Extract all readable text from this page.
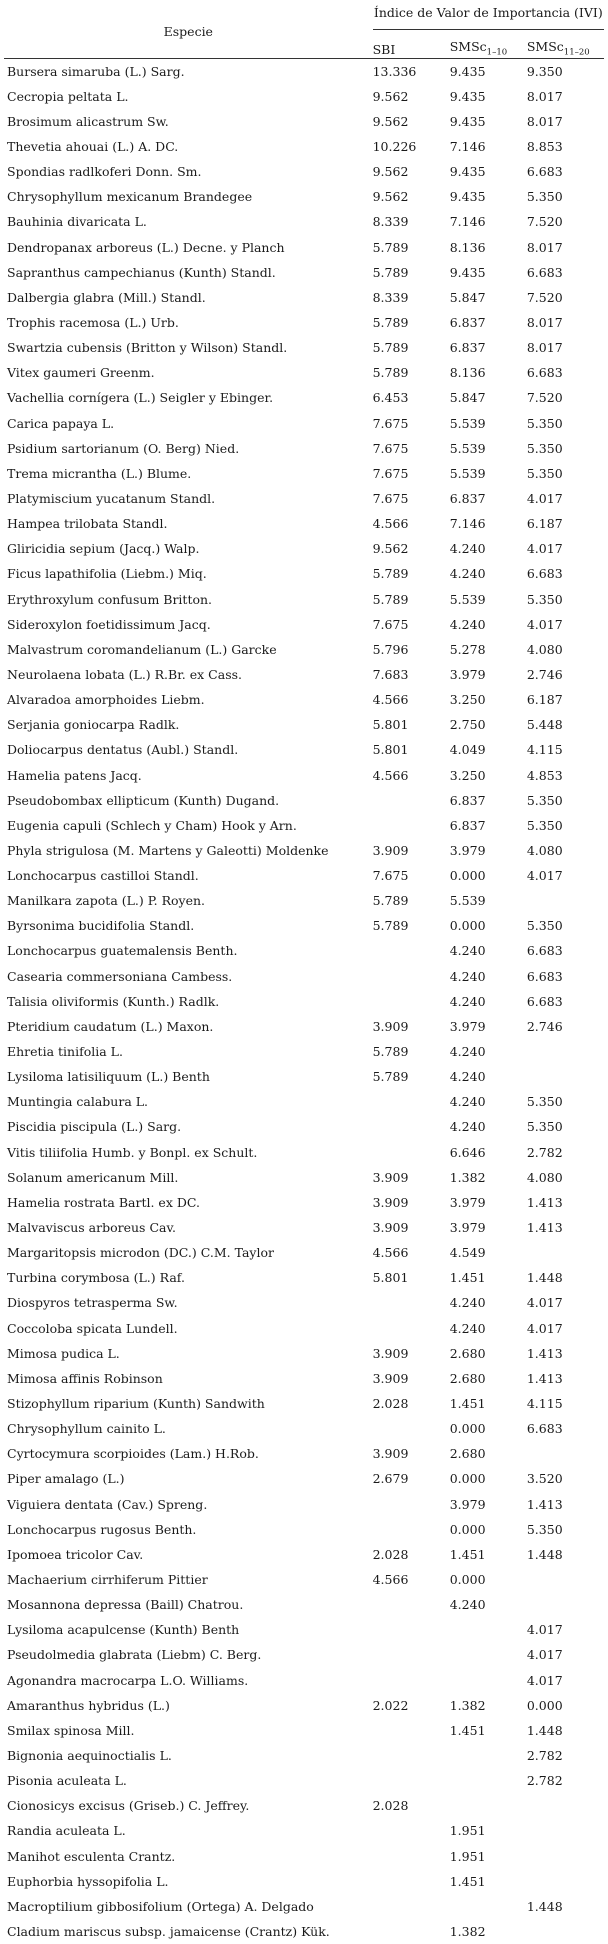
Especie	Índice de Valor de Importancia (IVI)		
	SBI	SMSc$_{1-10}$	SMSc$_{11-20}$
Bursera simaruba (L.) Sarg.	13.336	9.435	9.350
Cecropia peltata L.	9.562	9.435	8.017
Brosimum alicastrum Sw.	9.562	9.435	8.017
Thevetia ahouai (L.) A. DC.	10.226	7.146	8.853
Spondias radlkoferi Donn. Sm.	9.562	9.435	6.683
Chrysophyllum mexicanum Brandegee	9.562	9.435	5.350
Bauhinia divaricata L.	8.339	7.146	7.520
Dendropanax arboreus (L.) Decne. y Planch	5.789	8.136	8.017
Sapranthus campechianus (Kunth) Standl.	5.789	9.435	6.683
Dalbergia glabra (Mill.) Standl.	8.339	5.847	7.520
Trophis racemosa (L.) Urb.	5.789	6.837	8.017
Swartzia cubensis (Britton y Wilson) Standl.	5.789	6.837	8.017
Vitex gaumeri Greenm.	5.789	8.136	6.683
Vachellia cornígera (L.) Seigler y Ebinger.	6.453	5.847	7.520
Carica papaya L.	7.675	5.539	5.350
Psidium sartorianum (O. Berg) Nied.	7.675	5.539	5.350
Trema micrantha (L.) Blume.	7.675	5.539	5.350
Platymiscium yucatanum Standl.	7.675	6.837	4.017
Hampea trilobata Standl.	4.566	7.146	6.187
Gliricidia sepium (Jacq.) Walp.	9.562	4.240	4.017
Ficus lapathifolia (Liebm.) Miq.	5.789	4.240	6.683
Erythroxylum confusum Britton.	5.789	5.539	5.350
Sideroxylon foetidissimum Jacq.	7.675	4.240	4.017
Malvastrum coromandelianum (L.) Garcke	5.796	5.278	4.080
Neurolaena lobata (L.) R.Br. ex Cass.	7.683	3.979	2.746
Alvaradoa amorphoides Liebm.	4.566	3.250	6.187
Serjania goniocarpa Radlk.	5.801	2.750	5.448
Doliocarpus dentatus (Aubl.) Standl.	5.801	4.049	4.115
Hamelia patens Jacq.	4.566	3.250	4.853
Pseudobombax ellipticum (Kunth) Dugand.		6.837	5.350
Eugenia capuli (Schlech y Cham) Hook y Arn.		6.837	5.350
Phyla strigulosa (M. Martens y Galeotti) Moldenke	3.909	3.979	4.080
Lonchocarpus castilloi Standl.	7.675	0.000	4.017
Manilkara zapota (L.) P. Royen.	5.789	5.539	
Byrsonima bucidifolia Standl.	5.789	0.000	5.350
Lonchocarpus guatemalensis Benth.		4.240	6.683
Casearia commersoniana Cambess.		4.240	6.683
Talisia oliviformis (Kunth.) Radlk.		4.240	6.683
Pteridium caudatum (L.) Maxon.	3.909	3.979	2.746
Ehretia tinifolia L.	5.789	4.240	
Lysiloma latisiliquum (L.) Benth	5.789	4.240	
Muntingia calabura L.		4.240	5.350
Piscidia piscipula (L.) Sarg.		4.240	5.350
Vitis tiliifolia Humb. y Bonpl. ex Schult.		6.646	2.782
Solanum americanum Mill.	3.909	1.382	4.080
Hamelia rostrata Bartl. ex DC.	3.909	3.979	1.413
Malvaviscus arboreus Cav.	3.909	3.979	1.413
Margaritopsis microdon (DC.) C.M. Taylor	4.566	4.549	
Turbina corymbosa (L.) Raf.	5.801	1.451	1.448
Diospyros tetrasperma Sw.		4.240	4.017
Coccoloba spicata Lundell.		4.240	4.017
Mimosa pudica L.	3.909	2.680	1.413
Mimosa affinis Robinson	3.909	2.680	1.413
Stizophyllum riparium (Kunth) Sandwith	2.028	1.451	4.115
Chrysophyllum cainito L.		0.000	6.683
Cyrtocymura scorpioides (Lam.) H.Rob.	3.909	2.680	
Piper amalago (L.)	2.679	0.000	3.520
Viguiera dentata (Cav.) Spreng.		3.979	1.413
Lonchocarpus rugosus Benth.		0.000	5.350
Ipomoea tricolor Cav.	2.028	1.451	1.448
Machaerium cirrhiferum Pittier	4.566	0.000	
Mosannona depressa (Baill) Chatrou.		4.240	
Lysiloma acapulcense (Kunth) Benth			4.017
Pseudolmedia glabrata (Liebm) C. Berg.			4.017
Agonandra macrocarpa L.O. Williams.			4.017
Amaranthus hybridus (L.)	2.022	1.382	0.000
Smilax spinosa Mill.		1.451	1.448
Bignonia aequinoctialis L.			2.782
Pisonia aculeata L.			2.782
Cionosicys excisus (Griseb.) C. Jeffrey.	2.028		
Randia aculeata L.		1.951	
Manihot esculenta Crantz.		1.951	
Euphorbia hyssopifolia L.		1.451	
Macroptilium gibbosifolium (Ortega) A. Delgado			1.448
Cladium mariscus subsp. jamaicense (Crantz) Kük.		1.382	
